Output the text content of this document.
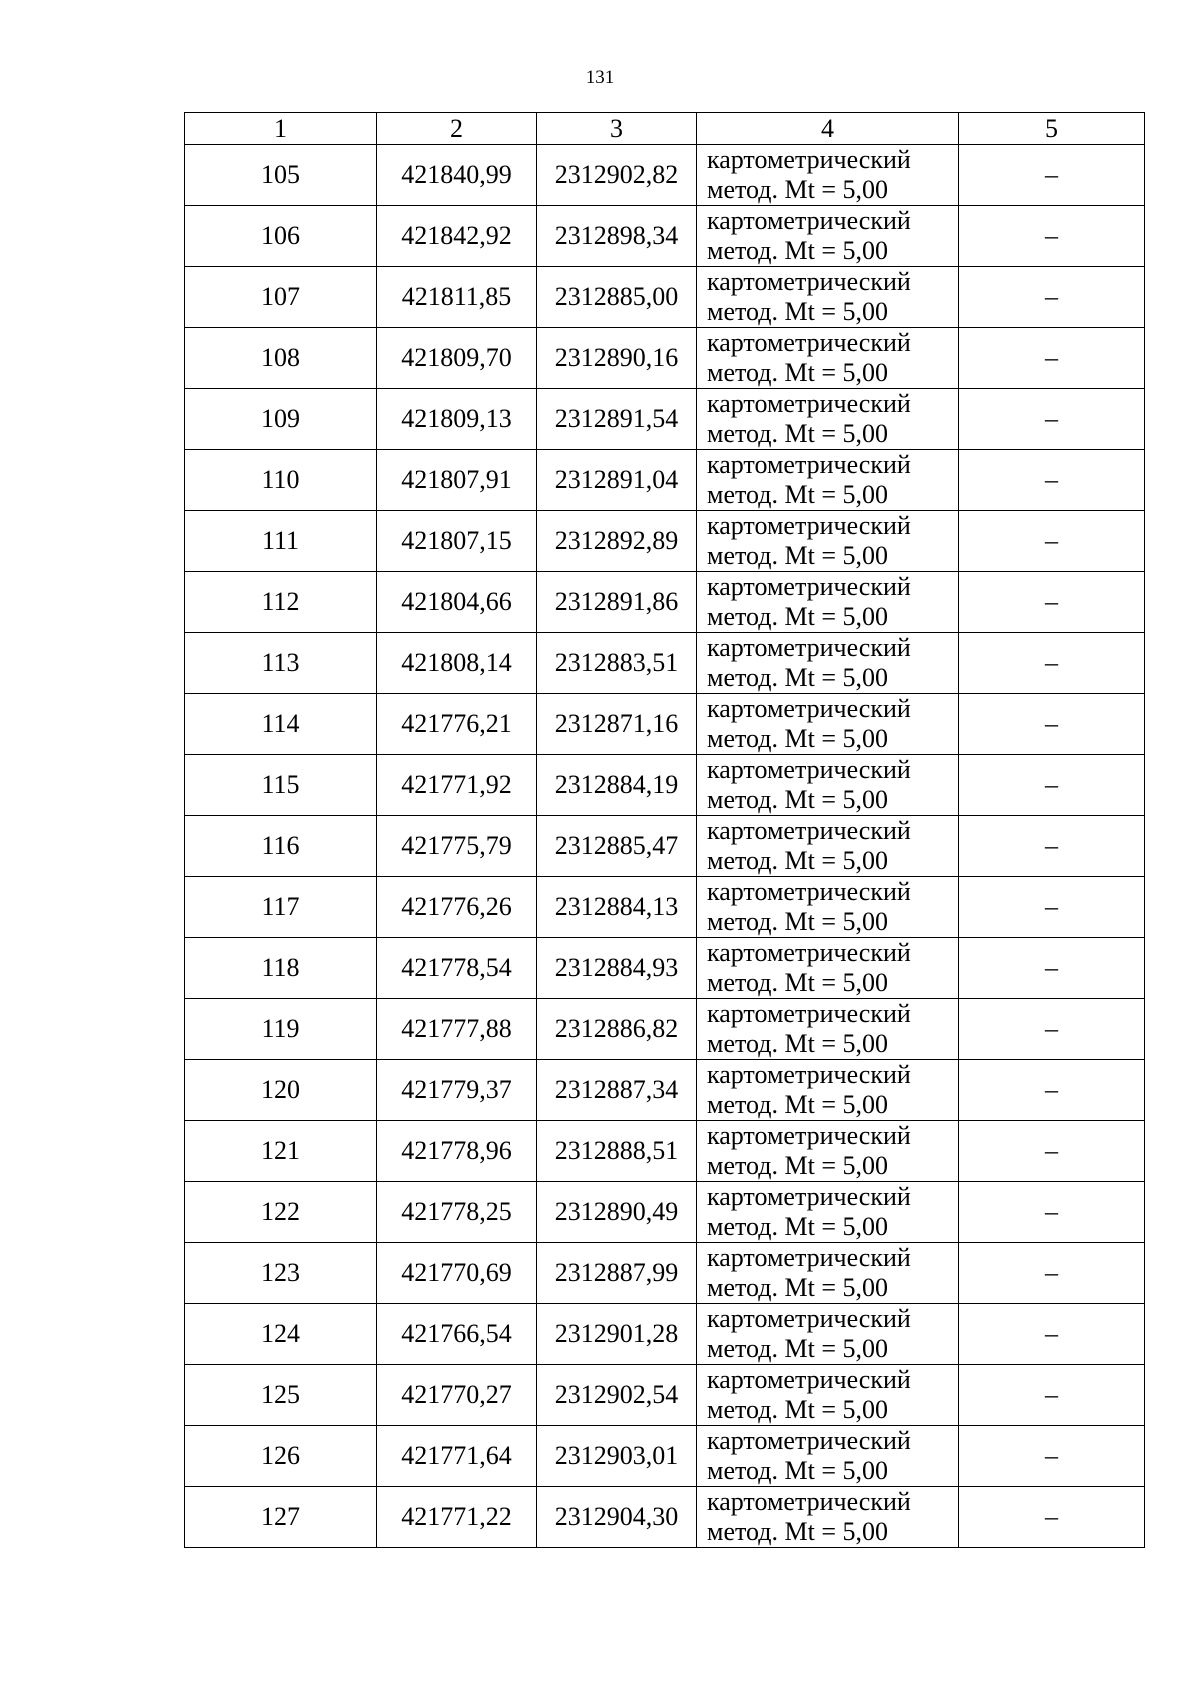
131
1	2	3	4	5
105	421840,99	2312902,82	картометрический
метод. Mt = 5,00	–
106	421842,92	2312898,34	картометрический
метод. Mt = 5,00	–
107	421811,85	2312885,00	картометрический
метод. Mt = 5,00	–
108	421809,70	2312890,16	картометрический
метод. Mt = 5,00	–
109	421809,13	2312891,54	картометрический
метод. Mt = 5,00	–
110	421807,91	2312891,04	картометрический
метод. Mt = 5,00	–
111	421807,15	2312892,89	картометрический
метод. Mt = 5,00	–
112	421804,66	2312891,86	картометрический
метод. Mt = 5,00	–
113	421808,14	2312883,51	картометрический
метод. Mt = 5,00	–
114	421776,21	2312871,16	картометрический
метод. Mt = 5,00	–
115	421771,92	2312884,19	картометрический
метод. Mt = 5,00	–
116	421775,79	2312885,47	картометрический
метод. Mt = 5,00	–
117	421776,26	2312884,13	картометрический
метод. Mt = 5,00	–
118	421778,54	2312884,93	картометрический
метод. Mt = 5,00	–
119	421777,88	2312886,82	картометрический
метод. Mt = 5,00	–
120	421779,37	2312887,34	картометрический
метод. Mt = 5,00	–
121	421778,96	2312888,51	картометрический
метод. Mt = 5,00	–
122	421778,25	2312890,49	картометрический
метод. Mt = 5,00	–
123	421770,69	2312887,99	картометрический
метод. Mt = 5,00	–
124	421766,54	2312901,28	картометрический
метод. Mt = 5,00	–
125	421770,27	2312902,54	картометрический
метод. Mt = 5,00	–
126	421771,64	2312903,01	картометрический
метод. Mt = 5,00	–
127	421771,22	2312904,30	картометрический
метод. Mt = 5,00	–
